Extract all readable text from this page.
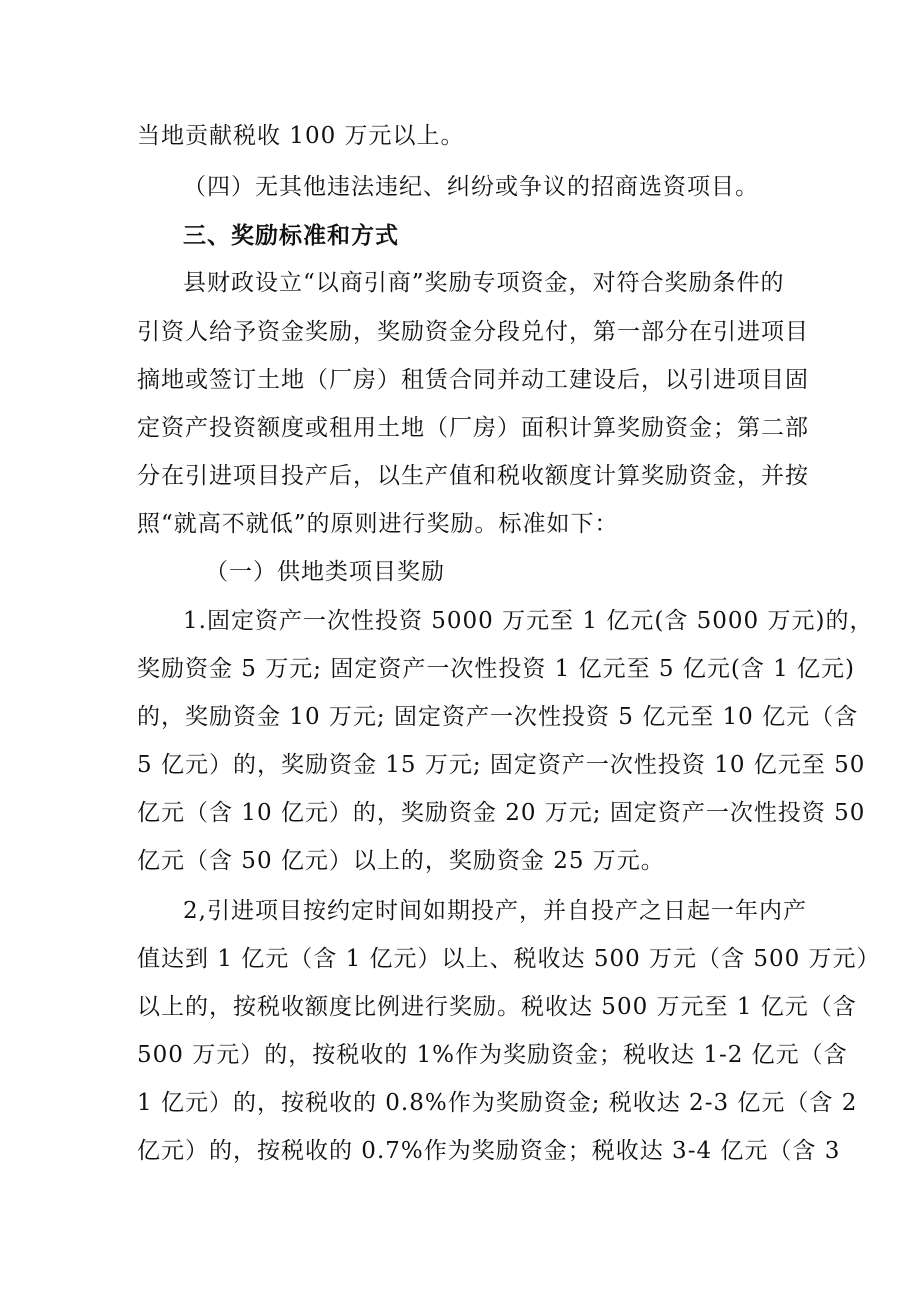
当地贡献税收 100 万元以上。
（四）无其他违法违纪、纠纷或争议的招商选资项目。
三、奖励标准和方式
县财政设立“以商引商”奖励专项资金，对符合奖励条件的
引资人给予资金奖励，奖励资金分段兑付，第一部分在引进项目
摘地或签订土地（厂房）租赁合同并动工建设后，以引进项目固
定资产投资额度或租用土地（厂房）面积计算奖励资金；第二部
分在引进项目投产后，以生产值和税收额度计算奖励资金，并按
照“就高不就低”的原则进行奖励。标准如下：
（一）供地类项目奖励
1.固定资产一次性投资 5000 万元至 1 亿元(含 5000 万元)的，
奖励资金 5 万元; 固定资产一次性投资 1 亿元至 5 亿元(含 1 亿元)
的，奖励资金 10 万元; 固定资产一次性投资 5 亿元至 10 亿元（含
5 亿元）的，奖励资金 15 万元; 固定资产一次性投资 10 亿元至 50
亿元（含 10 亿元）的，奖励资金 20 万元; 固定资产一次性投资 50
亿元（含 50 亿元）以上的，奖励资金 25 万元。
2,引进项目按约定时间如期投产，并自投产之日起一年内产
值达到 1 亿元（含 1 亿元）以上、税收达 500 万元（含 500 万元）
以上的，按税收额度比例进行奖励。税收达 500 万元至 1 亿元（含
500 万元）的，按税收的 1%作为奖励资金；税收达 1-2 亿元（含
1 亿元）的，按税收的 0.8%作为奖励资金; 税收达 2-3 亿元（含 2
亿元）的，按税收的 0.7%作为奖励资金；税收达 3-4 亿元（含 3
